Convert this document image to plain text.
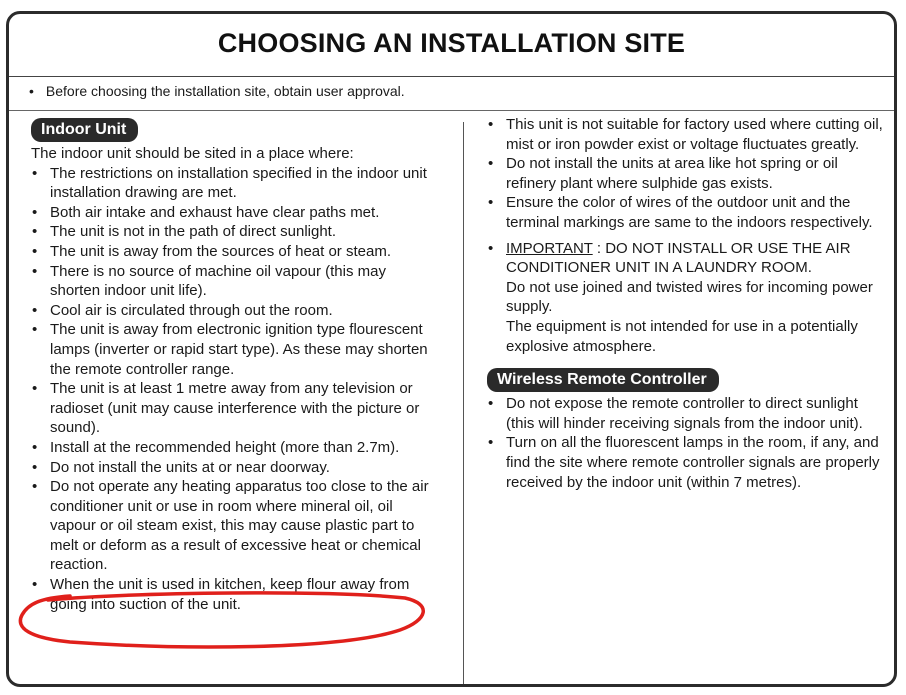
CHOOSING AN INSTALLATION SITE
• Before choosing the installation site, obtain user approval.
Indoor Unit

The indoor unit should be sited in a place where:

• The restrictions on installation specified in the indoor unit installation drawing are met.
• Both air intake and exhaust have clear paths met.
• The unit is not in the path of direct sunlight.
• The unit is away from the sources of heat or steam.
• There is no source of machine oil vapour (this may shorten indoor unit life).
• Cool air is circulated through out the room.
• The unit is away from electronic ignition type flourescent lamps (inverter or rapid start type). As these may shorten the remote controller range.
• The unit is at least 1 metre away from any television or radioset (unit may cause interference with the picture or sound).
• Install at the recommended height (more than 2.7m).
• Do not install the units at or near doorway.
• Do not operate any heating apparatus too close to the air conditioner unit or use in room where mineral oil, oil vapour or oil steam exist, this may cause plastic part to melt or deform as a result of excessive heat or chemical reaction.
• When the unit is used in kitchen, keep flour away from going into suction of the unit.
• This unit is not suitable for factory used where cutting oil, mist or iron powder exist or voltage fluctuates greatly.
• Do not install the units at area like hot spring or oil refinery plant where sulphide gas exists.
• Ensure the color of wires of the outdoor unit and the terminal markings are same to the indoors respectively.
• IMPORTANT : DO NOT INSTALL OR USE THE AIR CONDITIONER UNIT IN A LAUNDRY ROOM.
Do not use joined and twisted wires for incoming power supply.
The equipment is not intended for use in a potentially explosive atmosphere.
Wireless Remote Controller
• Do not expose the remote controller to direct sunlight (this will hinder receiving signals from the indoor unit).
• Turn on all the fluorescent lamps in the room, if any, and find the site where remote controller signals are properly received by the indoor unit (within 7 metres).
